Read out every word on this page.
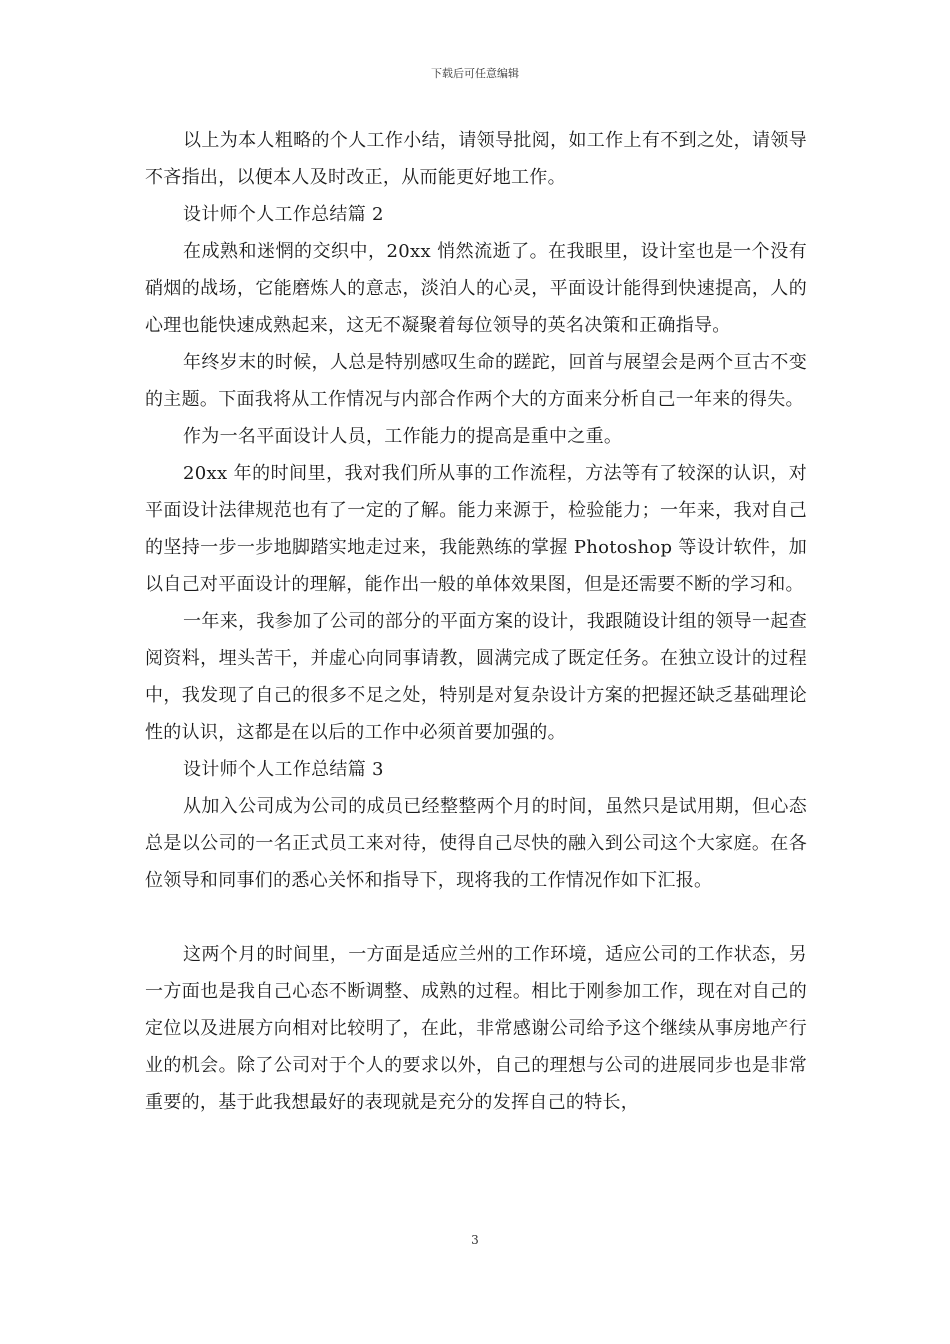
下载后可任意编辑

以上为本人粗略的个人工作小结，请领导批阅，如工作上有不到之处，请领导不吝指出，以便本人及时改正，从而能更好地工作。

设计师个人工作总结篇 2

在成熟和迷惘的交织中，20xx 悄然流逝了。在我眼里，设计室也是一个没有硝烟的战场，它能磨炼人的意志，淡泊人的心灵，平面设计能得到快速提高，人的心理也能快速成熟起来，这无不凝聚着每位领导的英名决策和正确指导。

年终岁末的时候，人总是特别感叹生命的蹉跎，回首与展望会是两个亘古不变的主题。下面我将从工作情况与内部合作两个大的方面来分析自己一年来的得失。

作为一名平面设计人员，工作能力的提高是重中之重。

20xx 年的时间里，我对我们所从事的工作流程，方法等有了较深的认识，对平面设计法律规范也有了一定的了解。能力来源于，检验能力；一年来，我对自己的坚持一步一步地脚踏实地走过来，我能熟练的掌握 Photoshop 等设计软件，加以自己对平面设计的理解，能作出一般的单体效果图，但是还需要不断的学习和。

一年来，我参加了公司的部分的平面方案的设计，我跟随设计组的领导一起查阅资料，埋头苦干，并虚心向同事请教，圆满完成了既定任务。在独立设计的过程中，我发现了自己的很多不足之处，特别是对复杂设计方案的把握还缺乏基础理论性的认识，这都是在以后的工作中必须首要加强的。

设计师个人工作总结篇 3

从加入公司成为公司的成员已经整整两个月的时间，虽然只是试用期，但心态总是以公司的一名正式员工来对待，使得自己尽快的融入到公司这个大家庭。在各位领导和同事们的悉心关怀和指导下，现将我的工作情况作如下汇报。

这两个月的时间里，一方面是适应兰州的工作环境，适应公司的工作状态，另一方面也是我自己心态不断调整、成熟的过程。相比于刚参加工作，现在对自己的定位以及进展方向相对比较明了，在此，非常感谢公司给予这个继续从事房地产行业的机会。除了公司对于个人的要求以外，自己的理想与公司的进展同步也是非常重要的，基于此我想最好的表现就是充分的发挥自己的特长，

3
